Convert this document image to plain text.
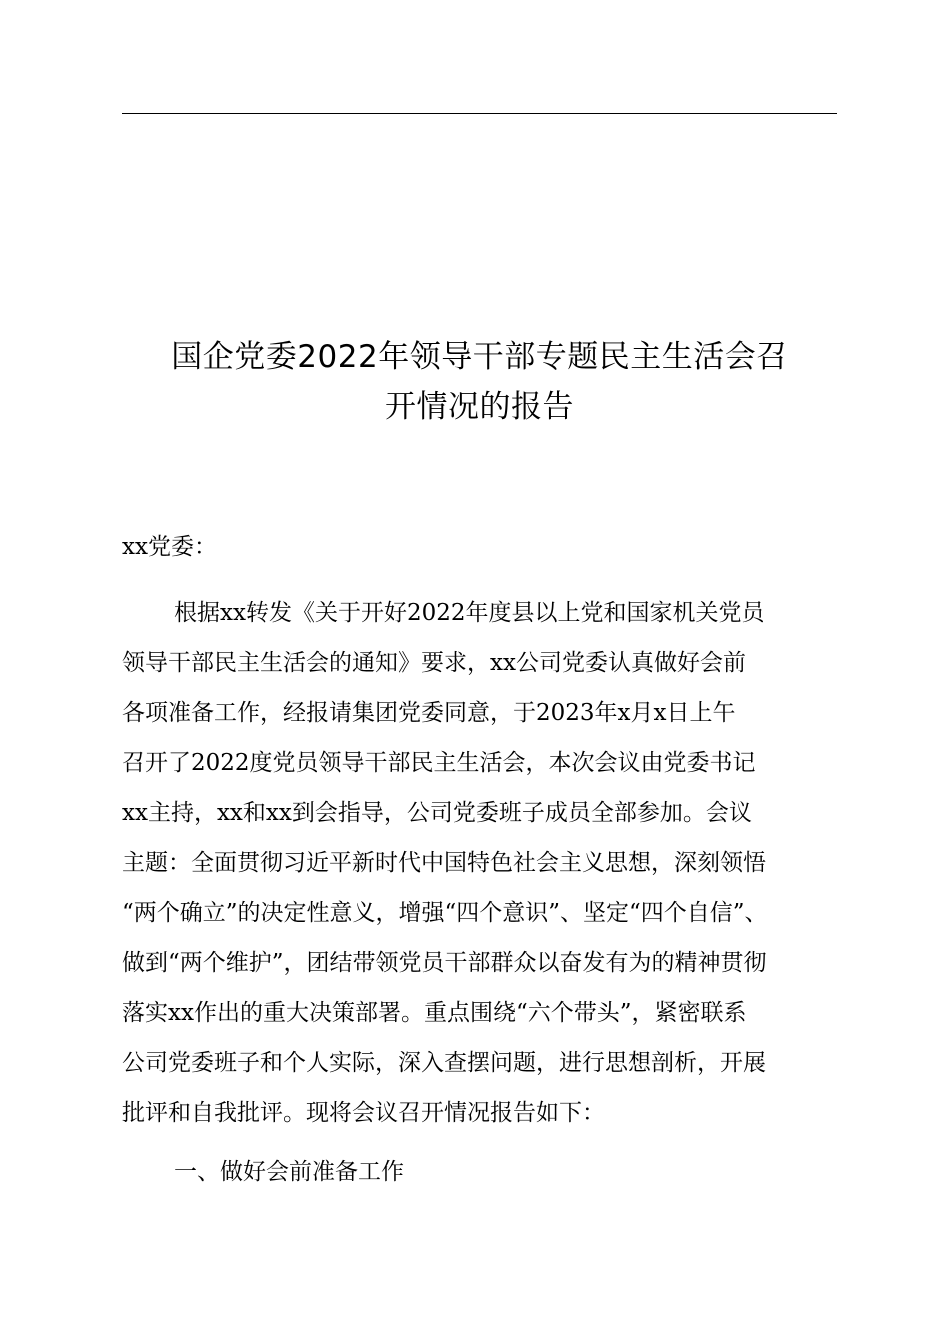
国企党委2022年领导干部专题民主生活会召
开情况的报告
xx党委：
根据xx转发《关于开好2022年度县以上党和国家机关党员
领导干部民主生活会的通知》要求，xx公司党委认真做好会前
各项准备工作，经报请集团党委同意，于2023年x月x日上午
召开了2022度党员领导干部民主生活会，本次会议由党委书记
xx主持，xx和xx到会指导，公司党委班子成员全部参加。会议
主题：全面贯彻习近平新时代中国特色社会主义思想，深刻领悟
“两个确立”的决定性意义，增强“四个意识”、坚定“四个自信”、
做到“两个维护”，团结带领党员干部群众以奋发有为的精神贯彻
落实xx作出的重大决策部署。重点围绕“六个带头”，紧密联系
公司党委班子和个人实际，深入查摆问题，进行思想剖析，开展
批评和自我批评。现将会议召开情况报告如下：
一、做好会前准备工作
